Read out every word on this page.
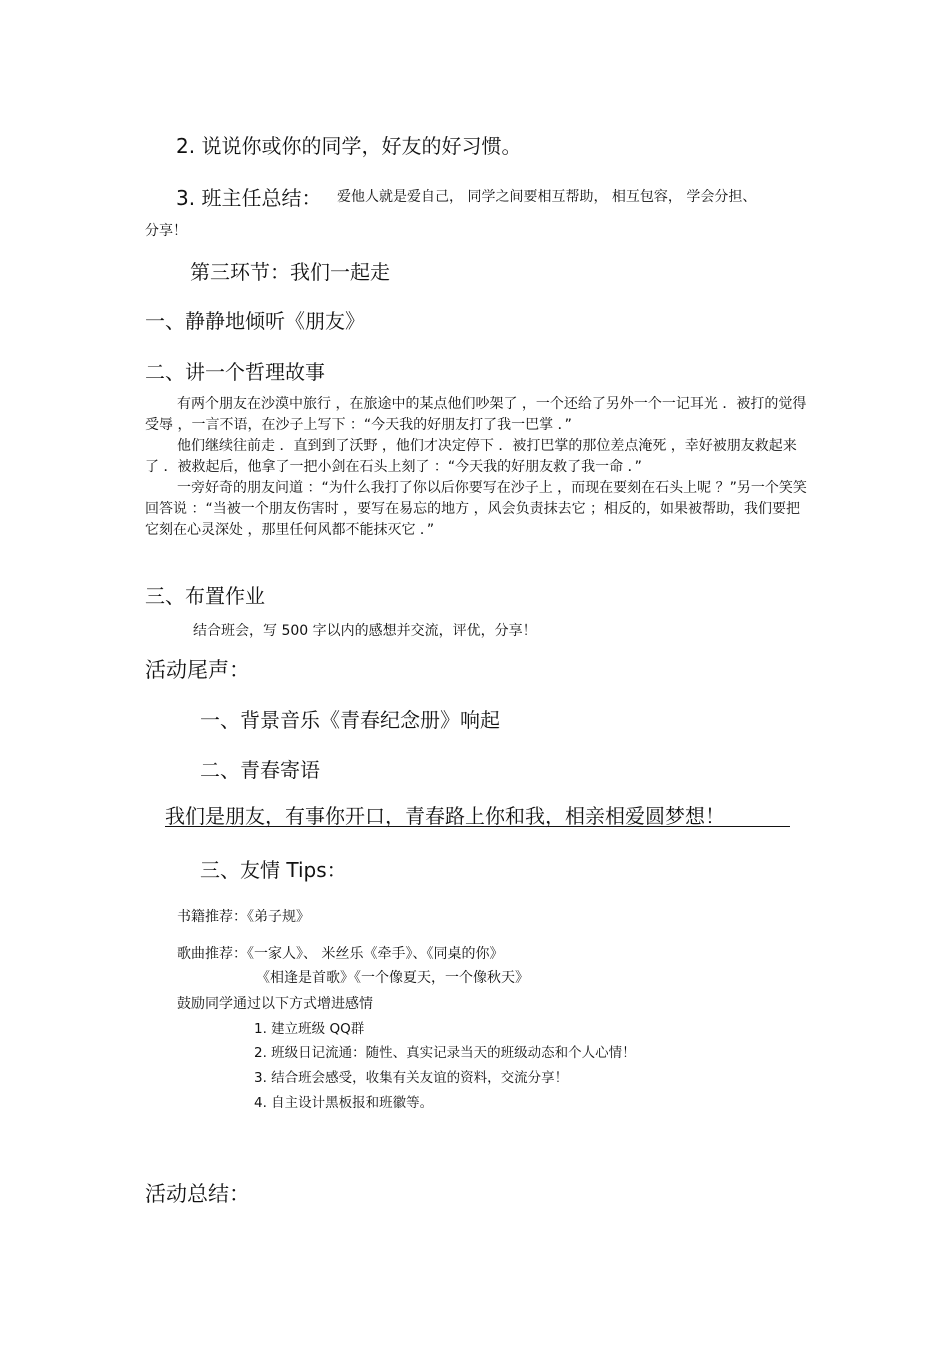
2. 说说你或你的同学，好友的好习惯。

3. 班主任总结： 爱他人就是爱自己， 同学之间要相互帮助， 相互包容， 学会分担、

分享！

第三环节：我们一起走

一、静静地倾听《朋友》

二、讲一个哲理故事

有两个朋友在沙漠中旅行 ，在旅途中的某点他们吵架了 ，一个还给了另外一个一记耳光 ．被打的觉得受辱 ，一言不语，在沙子上写下 ：“今天我的好朋友打了我一巴掌 ．”

他们继续往前走 ．直到到了沃野 ，他们才决定停下 ．被打巴掌的那位差点淹死 ，幸好被朋友救起来了 ．被救起后，他拿了一把小剑在石头上刻了 ：“今天我的好朋友救了我一命 ．”

一旁好奇的朋友问道 ：“为什么我打了你以后你要写在沙子上 ，而现在要刻在石头上呢 ？”另一个笑笑回答说 ：“当被一个朋友伤害时 ，要写在易忘的地方 ，风会负责抹去它 ；相反的，如果被帮助，我们要把它刻在心灵深处 ，那里任何风都不能抹灭它 ．”

三、布置作业

结合班会，写 500 字以内的感想并交流，评优，分享！

活动尾声：

一、背景音乐《青春纪念册》响起

二、青春寄语

我们是朋友，有事你开口，青春路上你和我，相亲相爱圆梦想！

三、友情 Tips：

书籍推荐：《弟子规》

歌曲推荐：《一家人》、 米丝乐《牵手》、《同桌的你》

《相逢是首歌》《一个像夏天，一个像秋天》

鼓励同学通过以下方式增进感情

1. 建立班级 QQ群

2. 班级日记流通：随性、真实记录当天的班级动态和个人心情！

3. 结合班会感受，收集有关友谊的资料，交流分享！

4. 自主设计黑板报和班徽等。

活动总结：
